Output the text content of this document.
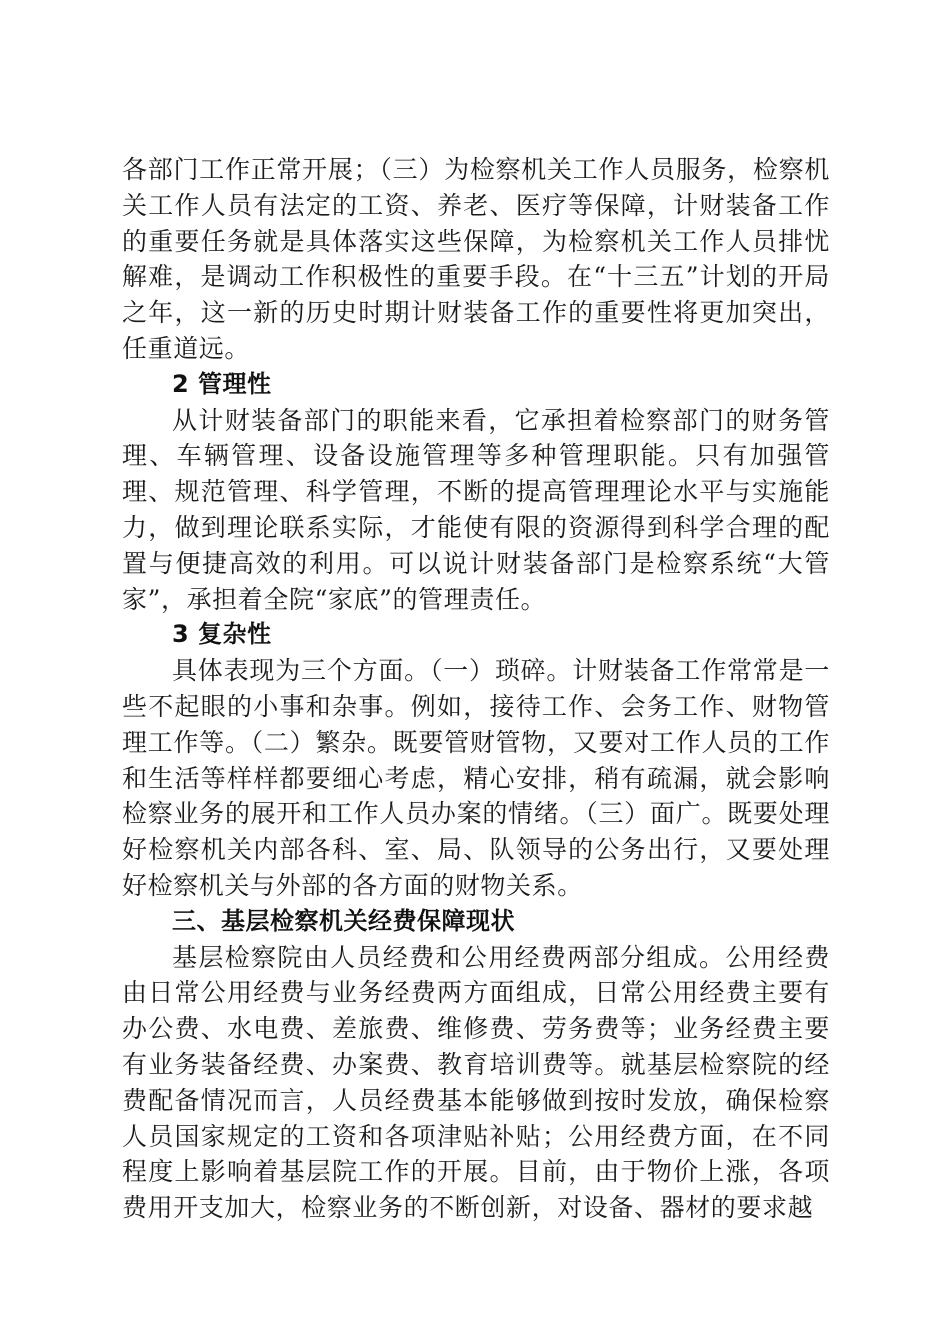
各部门工作正常开展；（三）为检察机关工作人员服务，检察机关工作人员有法定的工资、养老、医疗等保障，计财装备工作的重要任务就是具体落实这些保障，为检察机关工作人员排忧解难，是调动工作积极性的重要手段。在“十三五”计划的开局之年，这一新的历史时期计财装备工作的重要性将更加突出，任重道远。

2 管理性

从计财装备部门的职能来看，它承担着检察部门的财务管理、车辆管理、设备设施管理等多种管理职能。只有加强管理、规范管理、科学管理，不断的提高管理理论水平与实施能力，做到理论联系实际，才能使有限的资源得到科学合理的配置与便捷高效的利用。可以说计财装备部门是检察系统“大管家”，承担着全院“家底”的管理责任。

3 复杂性

具体表现为三个方面。（一）琐碎。计财装备工作常常是一些不起眼的小事和杂事。例如，接待工作、会务工作、财物管理工作等。（二）繁杂。既要管财管物，又要对工作人员的工作和生活等样样都要细心考虑，精心安排，稍有疏漏，就会影响检察业务的展开和工作人员办案的情绪。（三）面广。既要处理好检察机关内部各科、室、局、队领导的公务出行，又要处理好检察机关与外部的各方面的财物关系。

三、基层检察机关经费保障现状

基层检察院由人员经费和公用经费两部分组成。公用经费由日常公用经费与业务经费两方面组成，日常公用经费主要有办公费、水电费、差旅费、维修费、劳务费等；业务经费主要有业务装备经费、办案费、教育培训费等。就基层检察院的经费配备情况而言，人员经费基本能够做到按时发放，确保检察人员国家规定的工资和各项津贴补贴；公用经费方面，在不同程度上影响着基层院工作的开展。目前，由于物价上涨，各项费用开支加大，检察业务的不断创新，对设备、器材的要求越
